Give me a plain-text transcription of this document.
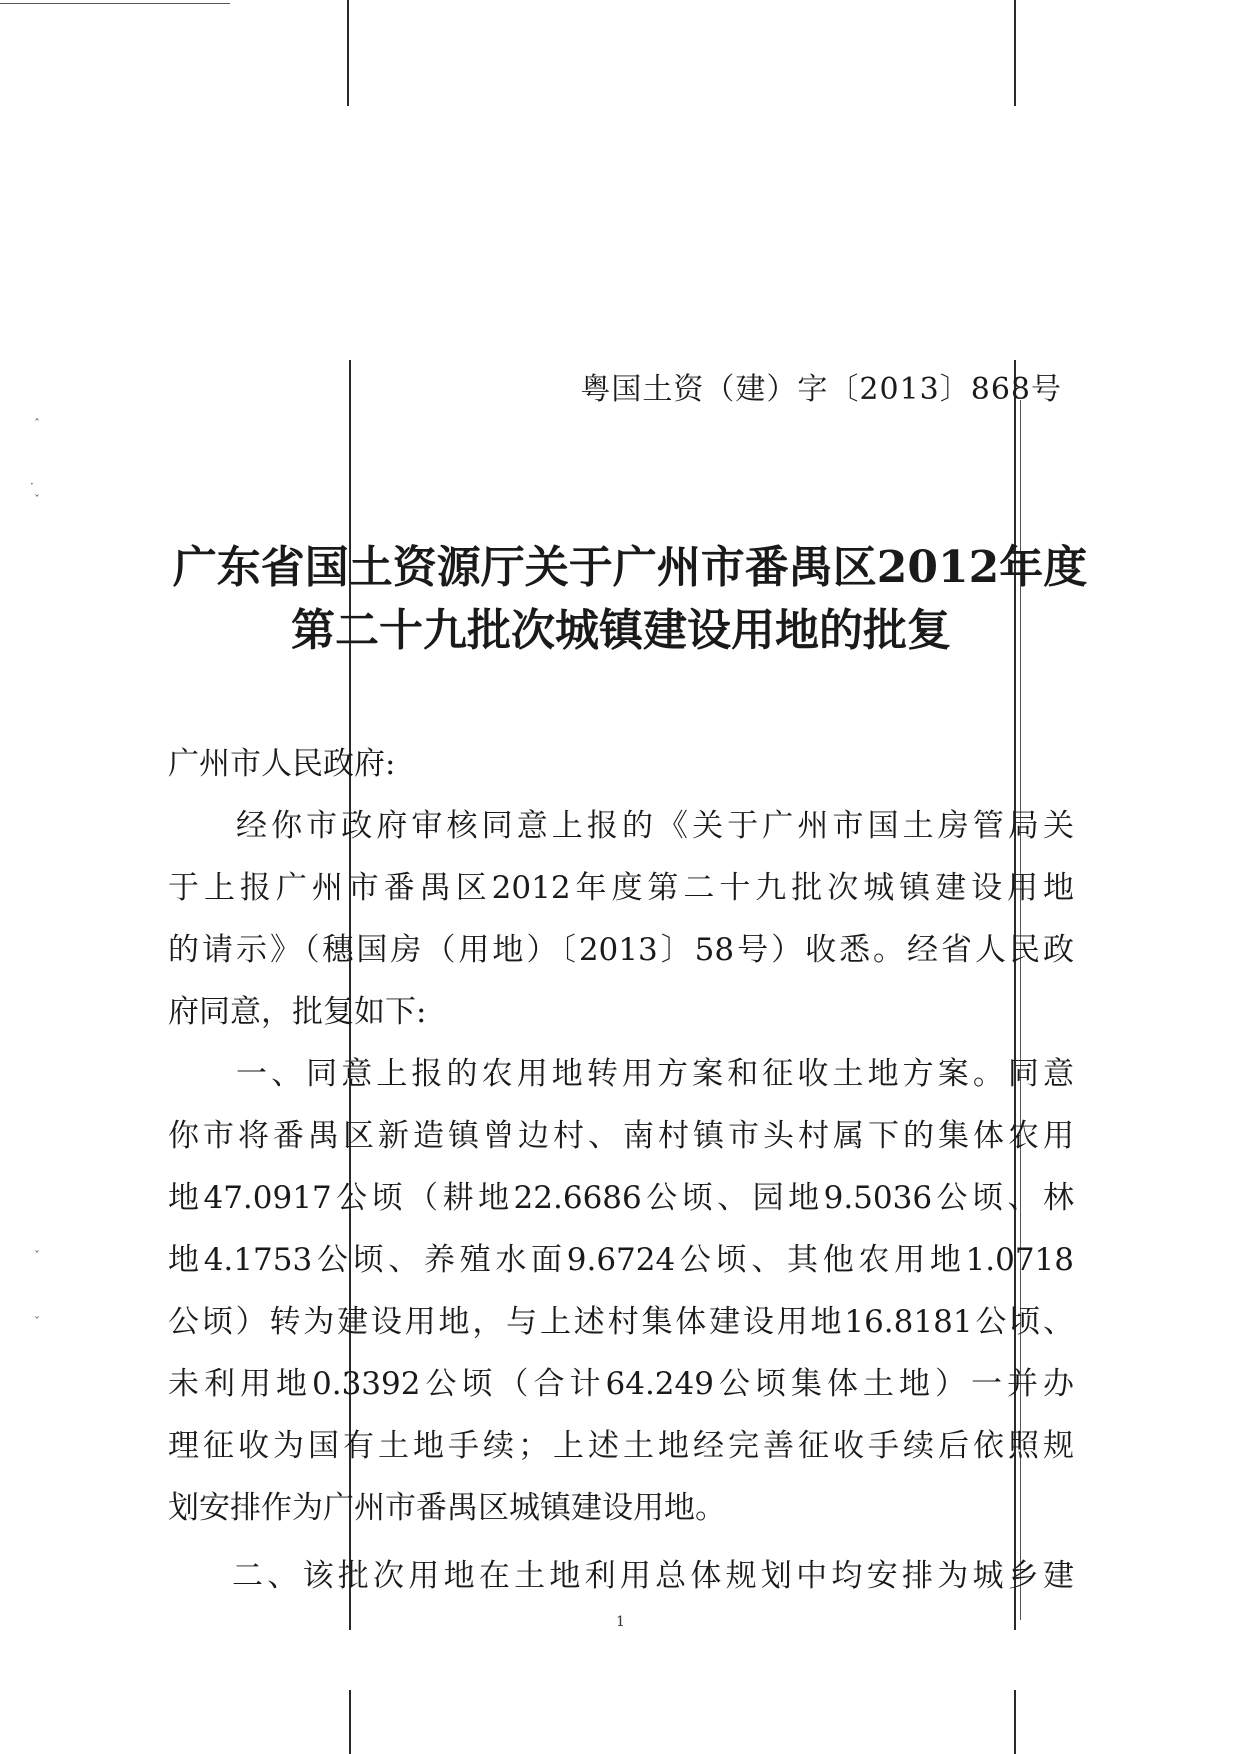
ˆ
·
ˇ
ˇ
ˇ
粤国土资（建）字〔2013〕868号
广东省国土资源厅关于广州市番禺区2012年度
第二十九批次城镇建设用地的批复
广州市人民政府:
经你市政府审核同意上报的《关于广州市国土房管局关
于上报广州市番禺区2012年度第二十九批次城镇建设用地
的请示》（穗国房（用地）〔2013〕58号）收悉。经省人民政
府同意，批复如下:
一、同意上报的农用地转用方案和征收土地方案。同意
你市将番禺区新造镇曾边村、南村镇市头村属下的集体农用
地47.0917公顷（耕地22.6686公顷、园地9.5036公顷、林
地4.1753公顷、养殖水面9.6724公顷、其他农用地1.0718
公顷）转为建设用地，与上述村集体建设用地16.8181公顷、
未利用地0.3392公顷（合计64.249公顷集体土地）一并办
理征收为国有土地手续；上述土地经完善征收手续后依照规
划安排作为广州市番禺区城镇建设用地。
二、该批次用地在土地利用总体规划中均安排为城乡建
1
